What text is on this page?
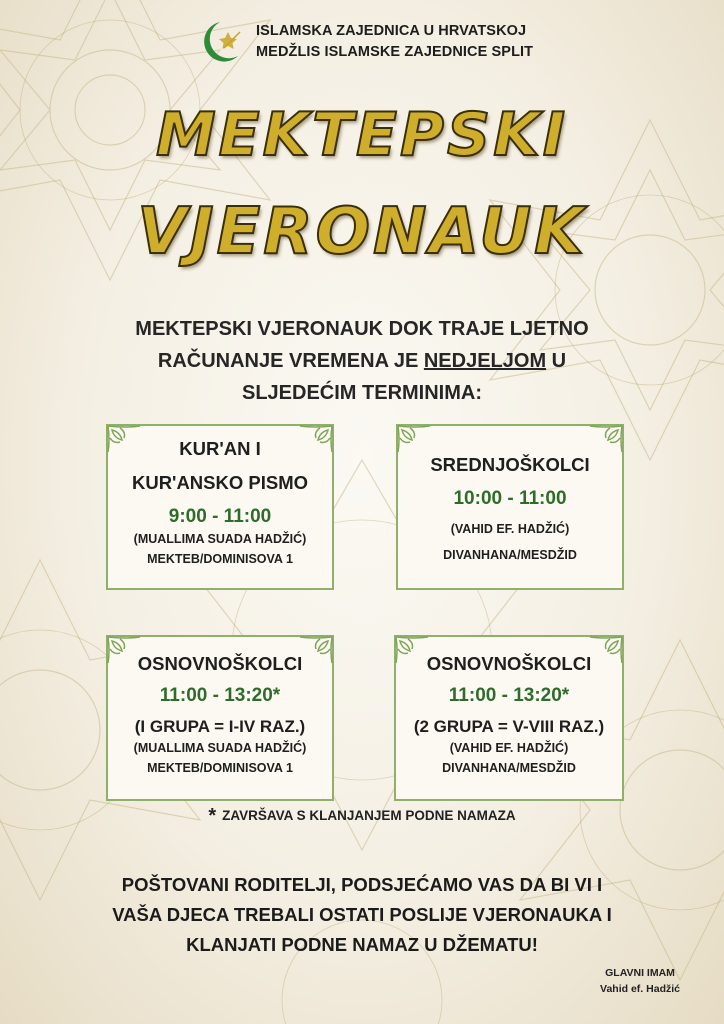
ISLAMSKA ZAJEDNICA U HRVATSKOJ
MEDŽLIS ISLAMSKE ZAJEDNICE SPLIT
MEKTEPSKI
VJERONAUK
MEKTEPSKI VJERONAUK DOK TRAJE LJETNO
RAČUNANJE VREMENA JE NEDJELJOM U
SLJEDEĆIM TERMINIMA:
KUR'AN I
KUR'ANSKO PISMO
9:00 - 11:00
(MUALLIMA SUADA HADŽIĆ)
MEKTEB/DOMINISOVA 1
SREDNJOŠKOLCI
10:00 - 11:00
(VAHID EF. HADŽIĆ)
DIVANHANA/MESDŽID
OSNOVNOŠKOLCI
11:00 - 13:20*
(I GRUPA = I-IV RAZ.)
(MUALLIMA SUADA HADŽIĆ)
MEKTEB/DOMINISOVA 1
OSNOVNOŠKOLCI
11:00 - 13:20*
(2 GRUPA = V-VIII RAZ.)
(VAHID EF. HADŽIĆ)
DIVANHANA/MESDŽID
* ZAVRŠAVA S KLANJANJEM PODNE NAMAZA
POŠTOVANI RODITELJI, PODSJEĆAMO VAS DA BI VI I
VAŠA DJECA TREBALI OSTATI POSLIJE VJERONAUKA I
KLANJATI PODNE NAMAZ U DŽEMATU!
GLAVNI IMAM
Vahid ef. Hadžić
